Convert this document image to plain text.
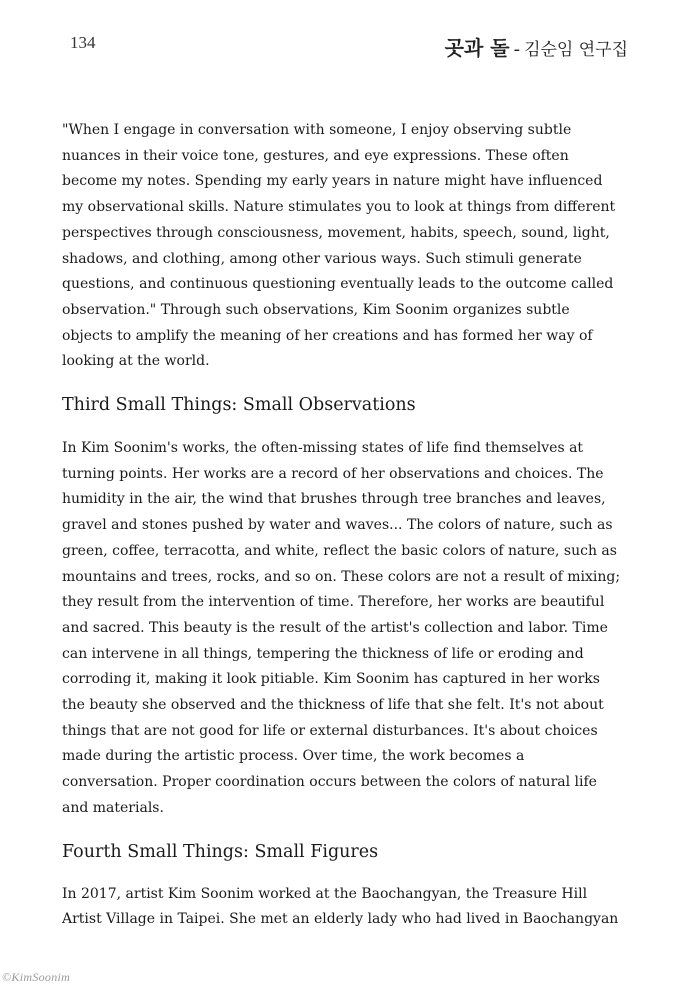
134	곳과 돌 - 김순임 연구집

"When I engage in conversation with someone, I enjoy observing subtle nuances in their voice tone, gestures, and eye expressions. These often become my notes. Spending my early years in nature might have influenced my observational skills. Nature stimulates you to look at things from different perspectives through consciousness, movement, habits, speech, sound, light, shadows, and clothing, among other various ways. Such stimuli generate questions, and continuous questioning eventually leads to the outcome called observation." Through such observations, Kim Soonim organizes subtle objects to amplify the meaning of her creations and has formed her way of looking at the world.

Third Small Things: Small Observations

In Kim Soonim's works, the often-missing states of life find themselves at turning points. Her works are a record of her observations and choices. The humidity in the air, the wind that brushes through tree branches and leaves, gravel and stones pushed by water and waves... The colors of nature, such as green, coffee, terracotta, and white, reflect the basic colors of nature, such as mountains and trees, rocks, and so on. These colors are not a result of mixing; they result from the intervention of time. Therefore, her works are beautiful and sacred. This beauty is the result of the artist's collection and labor. Time can intervene in all things, tempering the thickness of life or eroding and corroding it, making it look pitiable. Kim Soonim has captured in her works the beauty she observed and the thickness of life that she felt. It's not about things that are not good for life or external disturbances. It's about choices made during the artistic process. Over time, the work becomes a conversation. Proper coordination occurs between the colors of natural life and materials.

Fourth Small Things: Small Figures

In 2017, artist Kim Soonim worked at the Baochangyan, the Treasure Hill Artist Village in Taipei. She met an elderly lady who had lived in Baochangyan

©KimSoonim
